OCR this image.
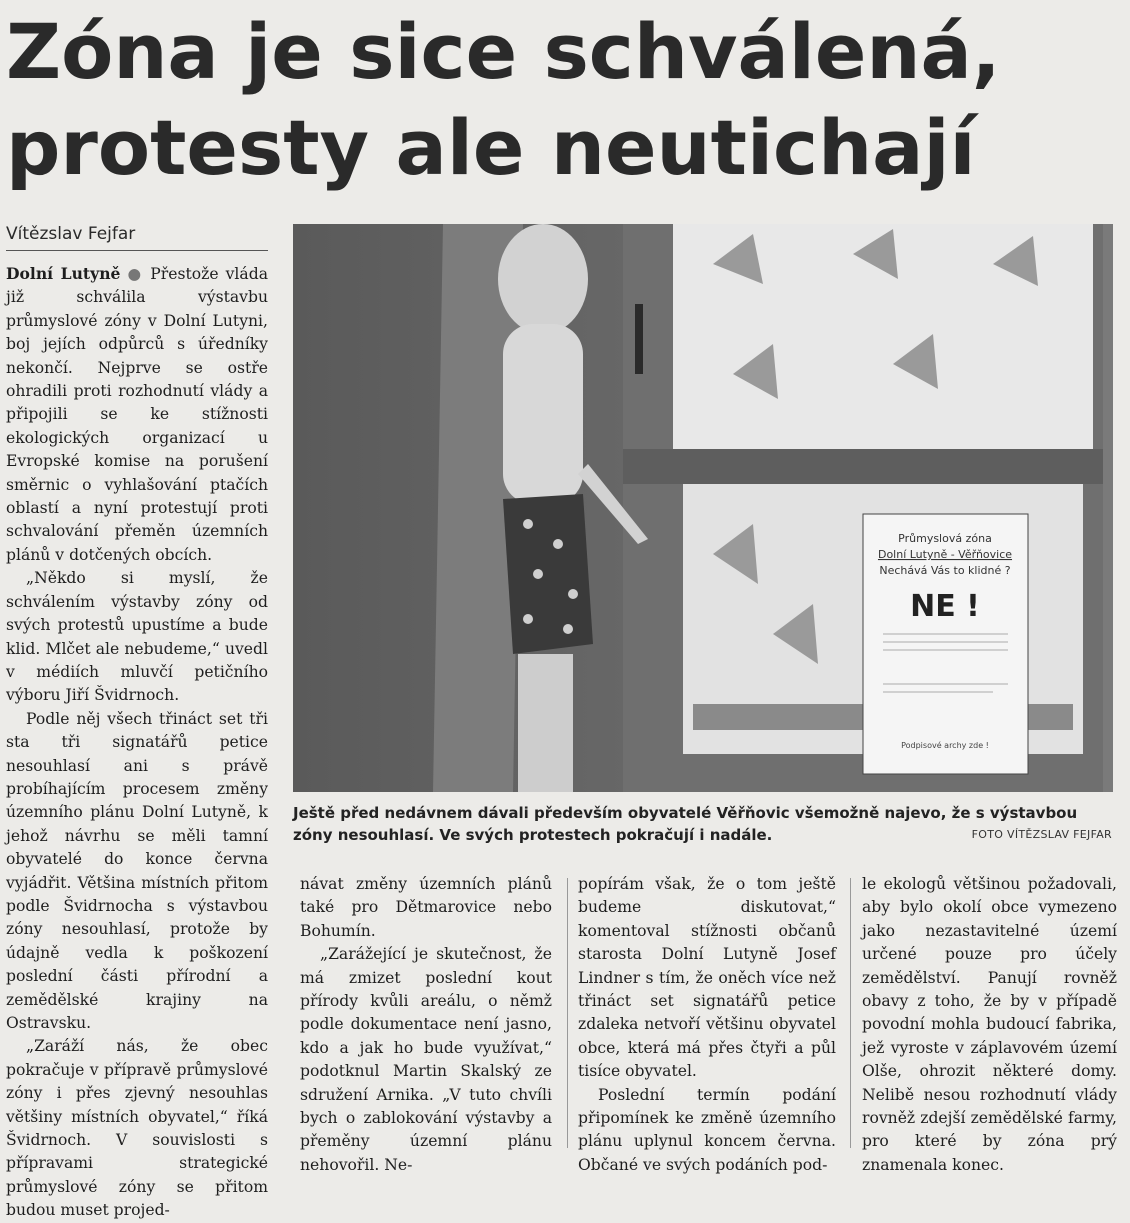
Zóna je sice schválená,
protesty ale neutichají
Vítězslav Fejfar

Dolní Lutyně ● Přestože vláda již schválila výstavbu průmyslové zóny v Dolní Lutyni, boj jejích odpůrců s úředníky nekončí. Nejprve se ostře ohradili proti rozhodnutí vlády a připojili se ke stížnosti ekologických organizací u Evropské komise na porušení směrnic o vyhlašování ptačích oblastí a nyní protestují proti schvalování přeměn územních plánů v dotčených obcích.

„Někdo si myslí, že schválením výstavby zóny od svých protestů upustíme a bude klid. Mlčet ale nebudeme,“ uvedl v médiích mluvčí petičního výboru Jiří Švidrnoch.

Podle něj všech třináct set tři sta tři signatářů petice nesouhlasí ani s právě probíhajícím procesem změny územního plánu Dolní Lutyně, k jehož návrhu se měli tamní obyvatelé do konce června vyjádřit. Většina místních přitom podle Švidrnocha s výstavbou zóny nesouhlasí, protože by údajně vedla k poškození poslední části přírodní a zemědělské krajiny na Ostravsku.

„Zaráží nás, že obec pokračuje v přípravě průmyslové zóny i přes zjevný nesouhlas většiny místních obyvatel,“ říká Švidrnoch. V souvislosti s přípravami strategické průmyslové zóny se přitom budou muset projed-

Průmyslová zóna
Dolní Lutyně - Věřňovice
Nechává Vás to klidné ?
NE !
Podpisové archy zde !
Ještě před nedávnem dávali především obyvatelé Věřňovic všemožně najevo, že s výstavbou zóny nesouhlasí. Ve svých protestech pokračují i nadále.	FOTO VÍTĚZSLAV FEJFAR

návat změny územních plánů také pro Dětmarovice nebo Bohumín.

„Zarážející je skutečnost, že má zmizet poslední kout přírody kvůli areálu, o němž podle dokumentace není jasno, kdo a jak ho bude využívat,“ podotknul Martin Skalský ze sdružení Arnika. „V tuto chvíli bych o zablokování výstavby a přeměny územní plánu nehovořil. Ne-

popírám však, že o tom ještě budeme diskutovat,“ komentoval stížnosti občanů starosta Dolní Lutyně Josef Lindner s tím, že oněch více než třináct set signatářů petice zdaleka netvoří většinu obyvatel obce, která má přes čtyři a půl tisíce obyvatel.

Poslední termín podání připomínek ke změně územního plánu uplynul koncem června. Občané ve svých podáních pod-

le ekologů většinou požadovali, aby bylo okolí obce vymezeno jako nezastavitelné území určené pouze pro účely zemědělství. Panují rovněž obavy z toho, že by v případě povodní mohla budoucí fabrika, jež vyroste v záplavovém území Olše, ohrozit některé domy. Nelibě nesou rozhodnutí vlády rovněž zdejší zemědělské farmy, pro které by zóna prý znamenala konec.
